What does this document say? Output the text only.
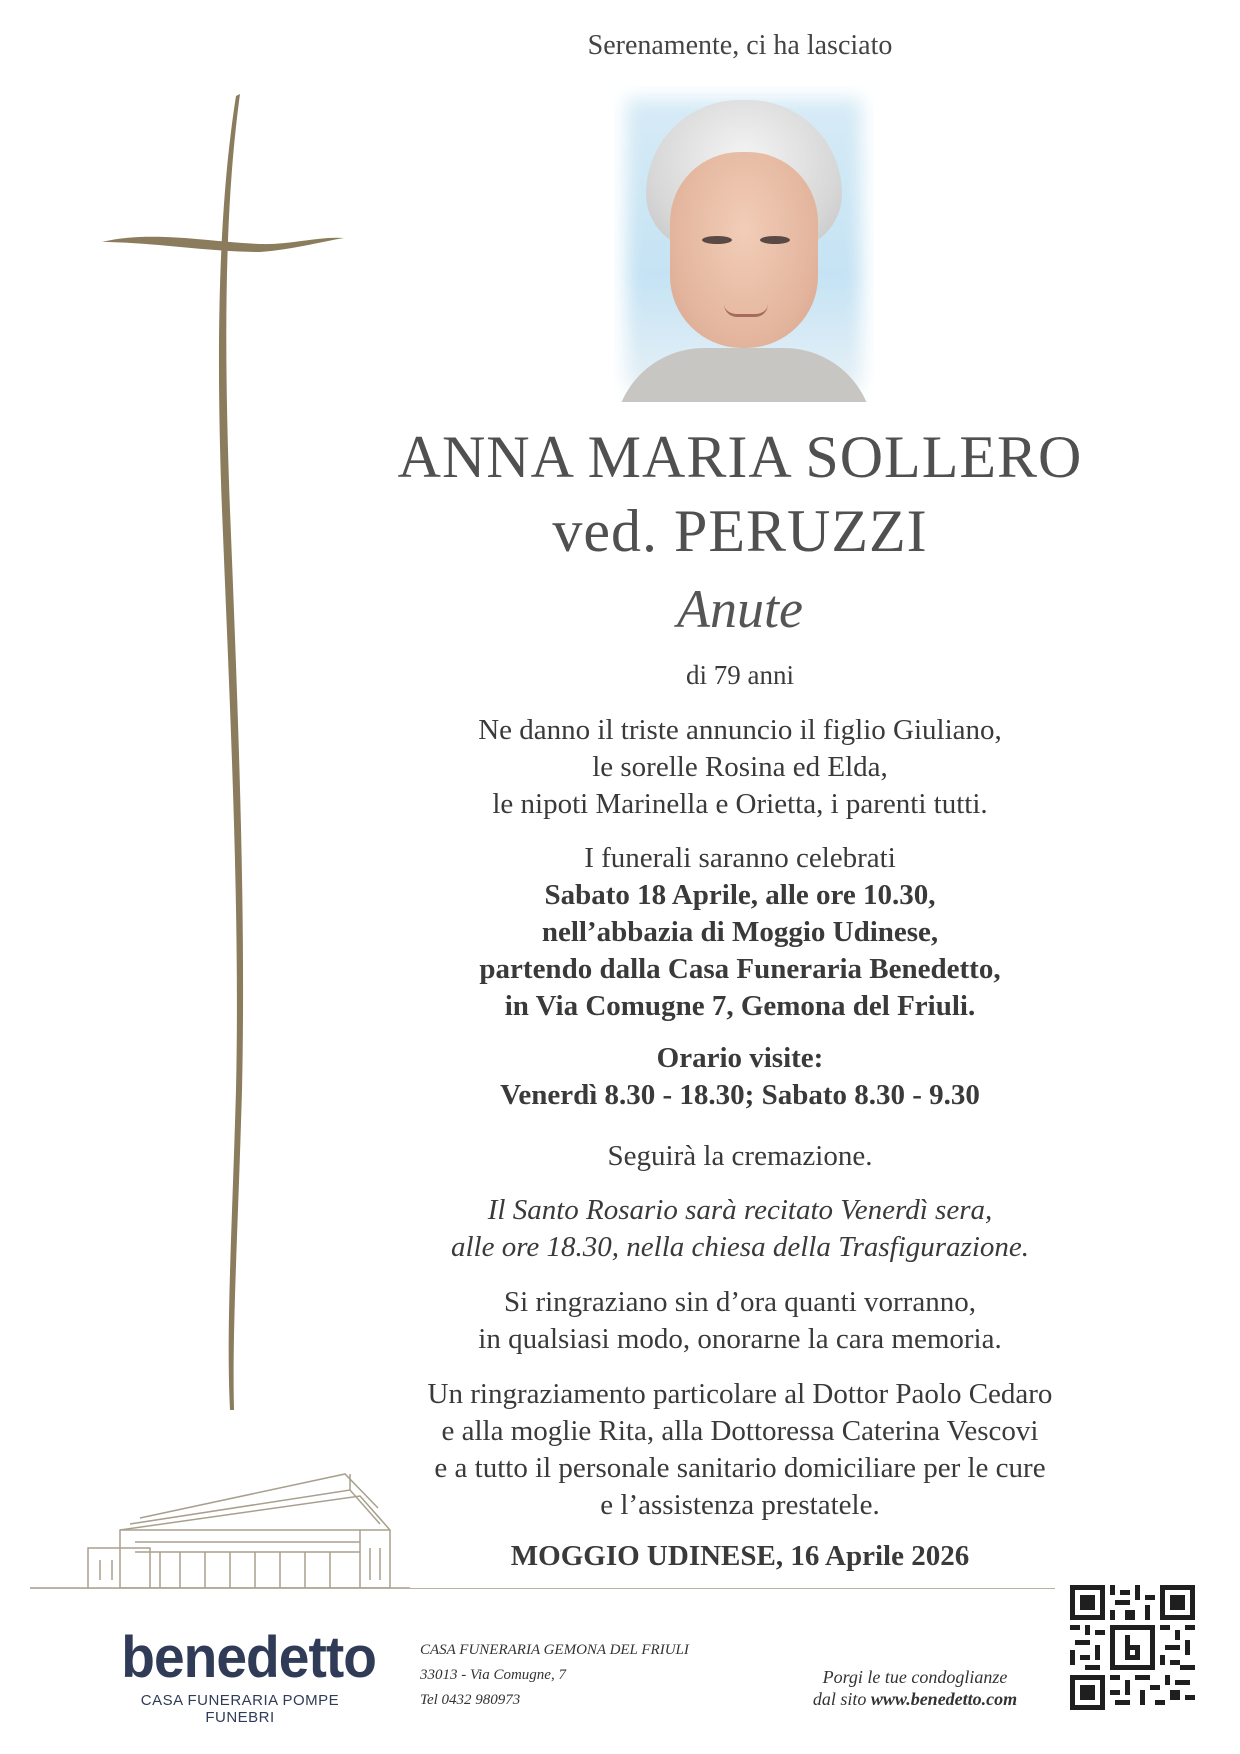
Serenamente, ci ha lasciato
ANNA MARIA SOLLERO
ved. PERUZZI
Anute
di 79 anni
Ne danno il triste annuncio il figlio Giuliano,
le sorelle Rosina ed Elda,
le nipoti Marinella e Orietta, i parenti tutti.
I funerali saranno celebrati
Sabato 18 Aprile, alle ore 10.30,
nell’abbazia di Moggio Udinese,
partendo dalla Casa Funeraria Benedetto,
in Via Comugne 7, Gemona del Friuli.
Orario visite:
Venerdì 8.30 - 18.30; Sabato 8.30 - 9.30
Seguirà la cremazione.
Il Santo Rosario sarà recitato Venerdì sera,
alle ore 18.30, nella chiesa della Trasfigurazione.
Si ringraziano sin d’ora quanti vorranno,
in qualsiasi modo, onorarne la cara memoria.
Un ringraziamento particolare al Dottor Paolo Cedaro
e alla moglie Rita, alla Dottoressa Caterina Vescovi
e a tutto il personale sanitario domiciliare per le cure
e l’assistenza prestatele.
MOGGIO UDINESE, 16 Aprile 2026
benedetto
CASA FUNERARIA POMPE FUNEBRI
CASA FUNERARIA GEMONA DEL FRIULI
33013 - Via Comugne, 7
Tel 0432 980973
Porgi le tue condoglianze
dal sito www.benedetto.com
